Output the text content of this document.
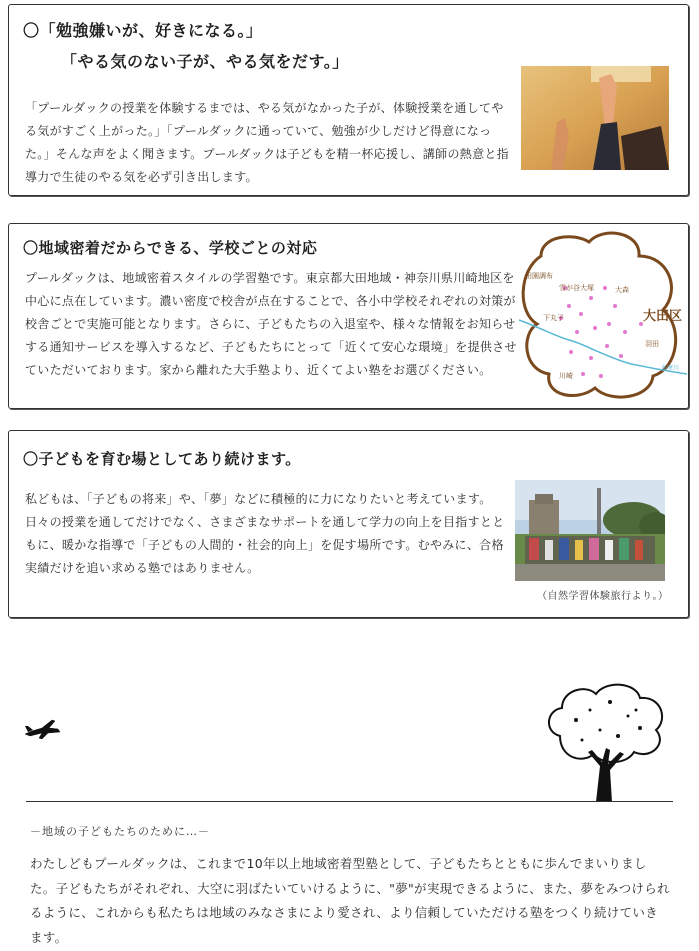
〇「勉強嫌いが、好きになる。」
「やる気のない子が、やる気をだす。」

「プールダックの授業を体験するまでは、やる気がなかった子が、体験授業を通してやる気がすごく上がった。」「プールダックに通っていて、勉強が少しだけど得意になった。」そんな声をよく聞きます。プールダックは子どもを精一杯応援し、講師の熱意と指導力で生徒のやる気を必ず引き出します。

〇地域密着だからできる、学校ごとの対応

プールダックは、地域密着スタイルの学習塾です。東京都大田地域・神奈川県川崎地区を中心に点在しています。濃い密度で校舎が点在することで、各小中学校それぞれの対策が校舎ごとで実施可能となります。さらに、子どもたちの入退室や、様々な情報をお知らせする通知サービスを導入するなど、子どもたちにとって「近くて安心な環境」を提供させていただいております。家から離れた大手塾より、近くてよい塾をお選びください。

田園調布
雪が谷大塚	大森
大田区
下丸子
羽田
川崎
多摩川
〇子どもを育む場としてあり続けます。

私どもは、「子どもの将来」や、「夢」などに積極的に力になりたいと考えています。日々の授業を通してだけでなく、さまざまなサポートを通して学力の向上を目指すとともに、暖かな指導で「子どもの人間的・社会的向上」を促す場所です。むやみに、合格実績だけを追い求める塾ではありません。

（自然学習体験旅行より。）
－地域の子どもたちのために…－

わたしどもプールダックは、これまで10年以上地域密着型塾として、子どもたちとともに歩んでまいりました。子どもたちがそれぞれ、大空に羽ばたいていけるように、"夢"が実現できるように、また、夢をみつけられるように、これからも私たちは地域のみなさまにより愛され、より信頼していただける塾をつくり続けていきます。
